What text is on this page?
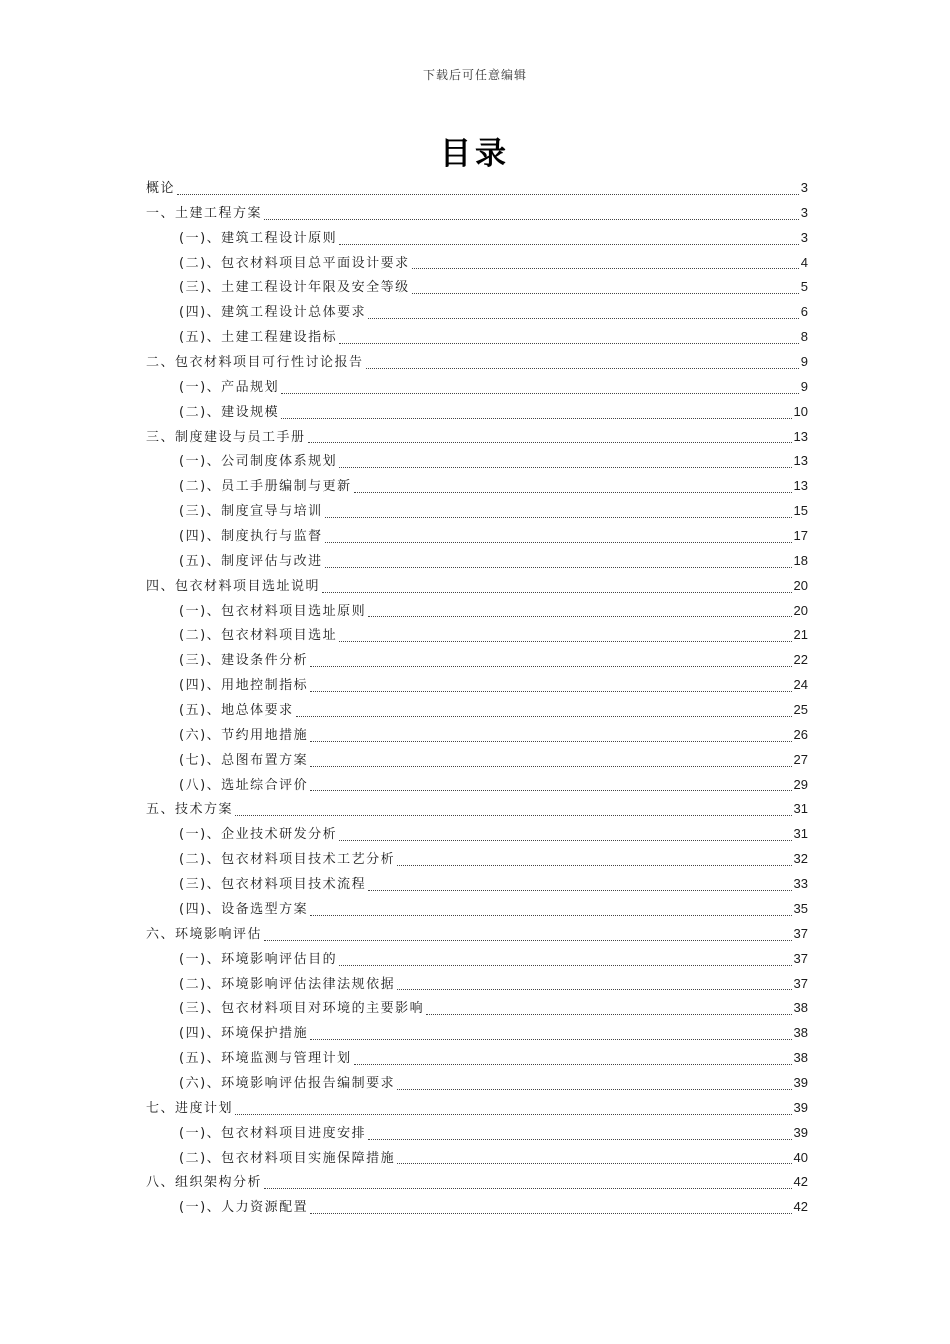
下载后可任意编辑
目录
概论	3
一、土建工程方案	3
(一)、建筑工程设计原则	3
(二)、包衣材料项目总平面设计要求	4
(三)、土建工程设计年限及安全等级	5
(四)、建筑工程设计总体要求	6
(五)、土建工程建设指标	8
二、包衣材料项目可行性讨论报告	9
(一)、产品规划	9
(二)、建设规模	10
三、制度建设与员工手册	13
(一)、公司制度体系规划	13
(二)、员工手册编制与更新	13
(三)、制度宣导与培训	15
(四)、制度执行与监督	17
(五)、制度评估与改进	18
四、包衣材料项目选址说明	20
(一)、包衣材料项目选址原则	20
(二)、包衣材料项目选址	21
(三)、建设条件分析	22
(四)、用地控制指标	24
(五)、地总体要求	25
(六)、节约用地措施	26
(七)、总图布置方案	27
(八)、选址综合评价	29
五、技术方案	31
(一)、企业技术研发分析	31
(二)、包衣材料项目技术工艺分析	32
(三)、包衣材料项目技术流程	33
(四)、设备选型方案	35
六、环境影响评估	37
(一)、环境影响评估目的	37
(二)、环境影响评估法律法规依据	37
(三)、包衣材料项目对环境的主要影响	38
(四)、环境保护措施	38
(五)、环境监测与管理计划	38
(六)、环境影响评估报告编制要求	39
七、进度计划	39
(一)、包衣材料项目进度安排	39
(二)、包衣材料项目实施保障措施	40
八、组织架构分析	42
(一)、人力资源配置	42
